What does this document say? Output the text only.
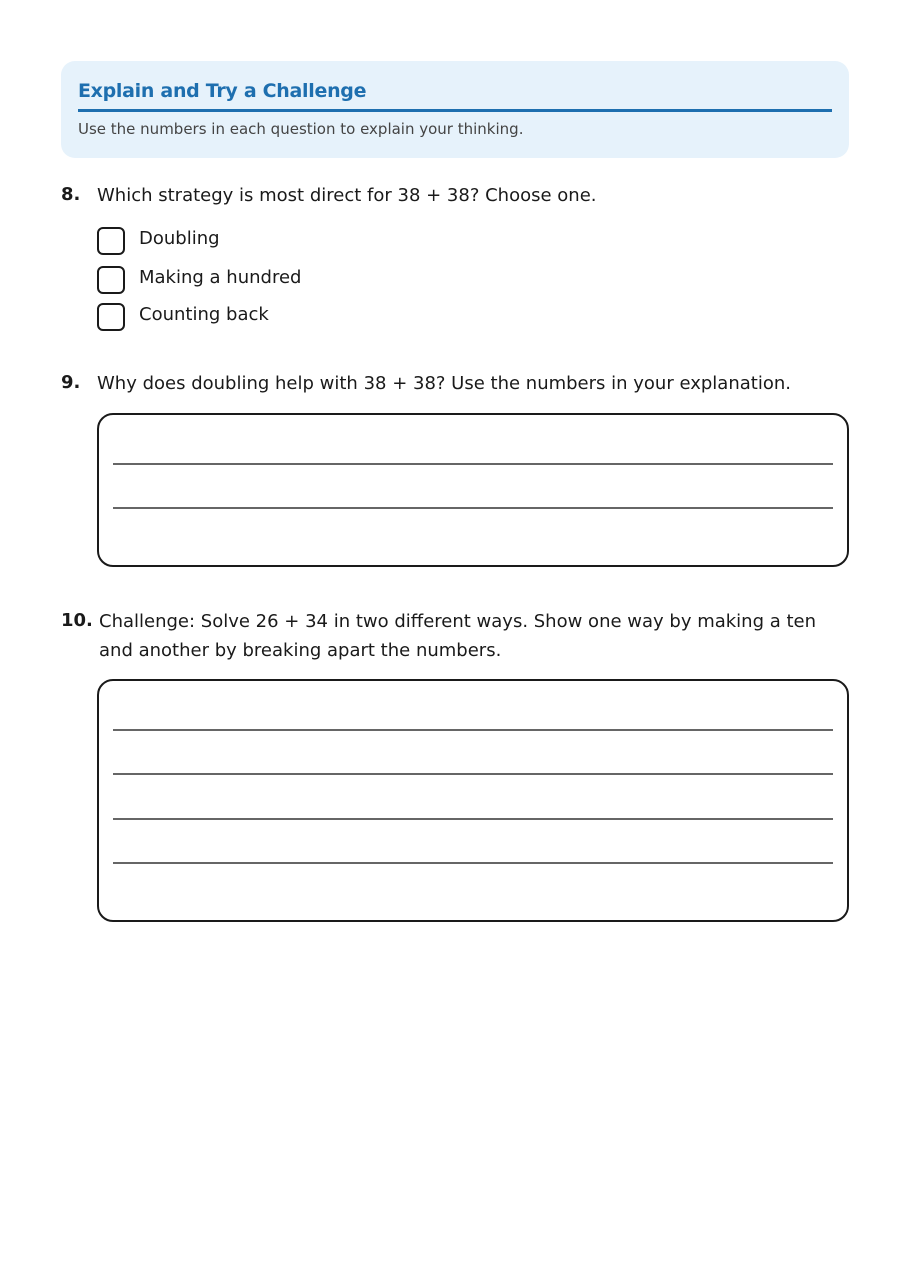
Explain and Try a Challenge
Use the numbers in each question to explain your thinking.
8. Which strategy is most direct for 38 + 38? Choose one.
Doubling
Making a hundred
Counting back
9. Why does doubling help with 38 + 38? Use the numbers in your explanation.
10. Challenge: Solve 26 + 34 in two different ways. Show one way by making a ten
and another by breaking apart the numbers.
